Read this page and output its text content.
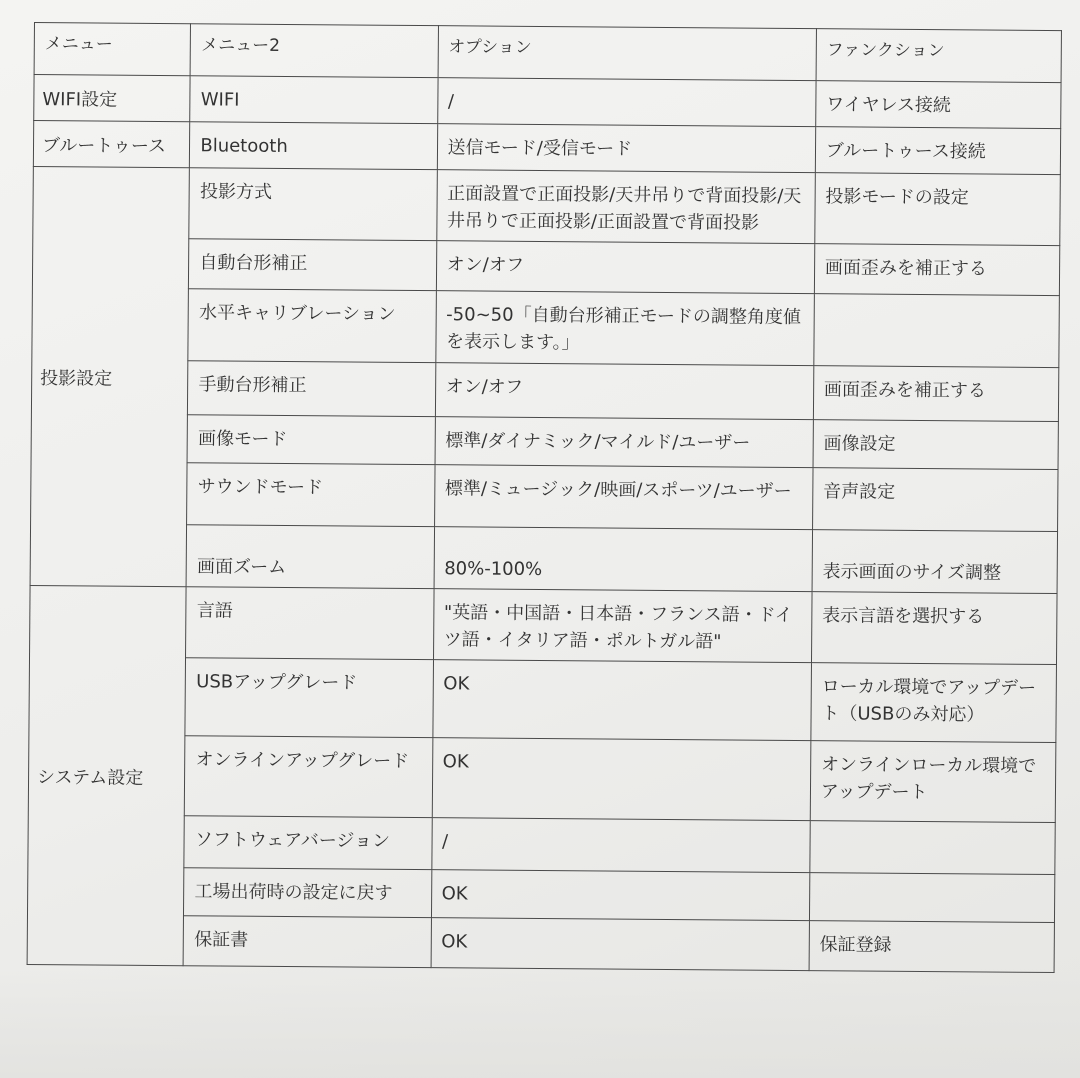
メニュー	メニュー2	オプション	ファンクション
WIFI設定	WIFI	/	ワイヤレス接続
ブルートゥース	Bluetooth	送信モード/受信モード	ブルートゥース接続
投影設定	投影方式	正面設置で正面投影/天井吊りで背面投影/天井吊りで正面投影/正面設置で背面投影	投影モードの設定
	自動台形補正	オン/オフ	画面歪みを補正する
	水平キャリブレーション	-50~50「自動台形補正モードの調整角度値を表示します。」	
	手動台形補正	オン/オフ	画面歪みを補正する
	画像モード	標準/ダイナミック/マイルド/ユーザー	画像設定
	サウンドモード	標準/ミュージック/映画/スポーツ/ユーザー	音声設定
	画面ズーム	80%-100%	表示画面のサイズ調整
システム設定	言語	"英語・中国語・日本語・フランス語・ドイツ語・イタリア語・ポルトガル語"	表示言語を選択する
	USBアップグレード	OK	ローカル環境でアップデート（USBのみ対応）
	オンラインアップグレード	OK	オンラインローカル環境でアップデート
	ソフトウェアバージョン	/	
	工場出荷時の設定に戻す	OK	
	保証書	OK	保証登録
